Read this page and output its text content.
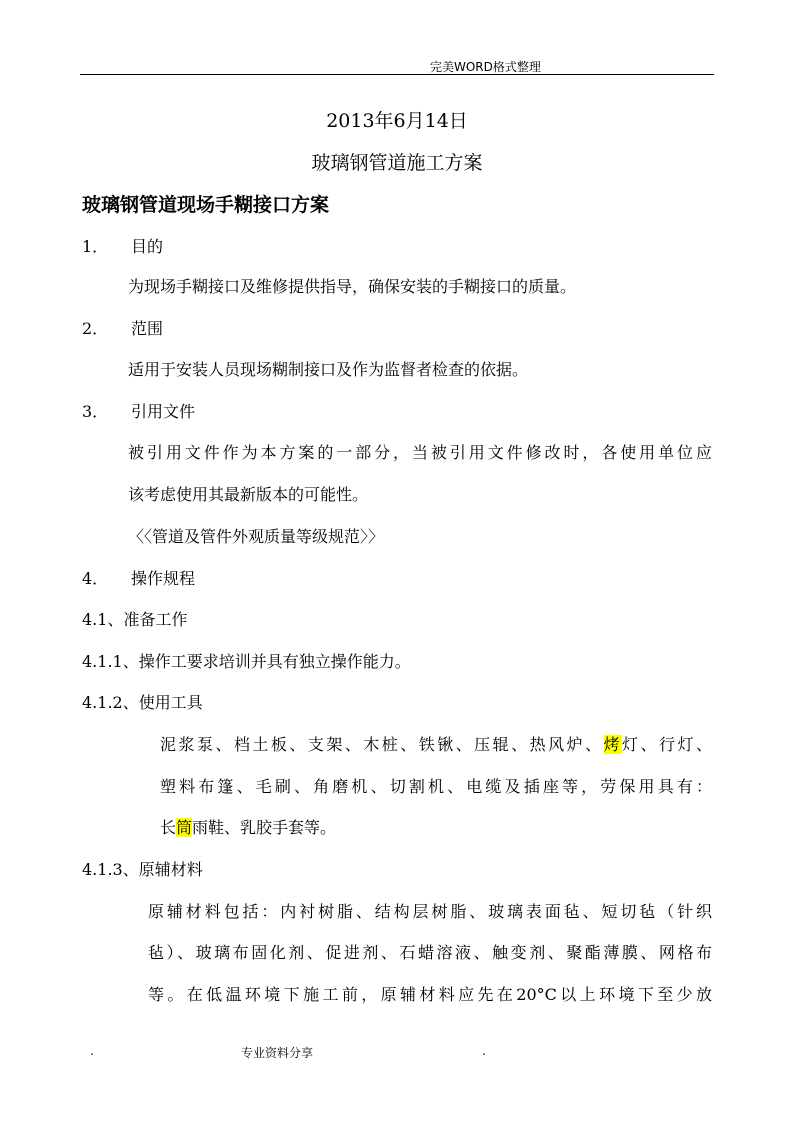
完美WORD格式整理
2013年6月14日
玻璃钢管道施工方案
玻璃钢管道现场手糊接口方案
1． 目的
为现场手糊接口及维修提供指导，确保安装的手糊接口的质量。
2． 范围
适用于安装人员现场糊制接口及作为监督者检查的依据。
3． 引用文件
被引用文件作为本方案的一部分，当被引用文件修改时，各使用单位应
该考虑使用其最新版本的可能性。
〈〈管道及管件外观质量等级规范〉〉
4． 操作规程
4.1、准备工作
4.1.1、操作工要求培训并具有独立操作能力。
4.1.2、使用工具
泥浆泵、档土板、支架、木桩、铁锹、压辊、热风炉、烤灯、行灯、
塑料布篷、毛刷、角磨机、切割机、电缆及插座等，劳保用具有：
长筒雨鞋、乳胶手套等。
4.1.3、原辅材料
原辅材料包括：内衬树脂、结构层树脂、玻璃表面毡、短切毡（针织
毡）、玻璃布固化剂、促进剂、石蜡溶液、触变剂、聚酯薄膜、网格布
等。在低温环境下施工前，原辅材料应先在20°C以上环境下至少放
.	专业资料分享	.
